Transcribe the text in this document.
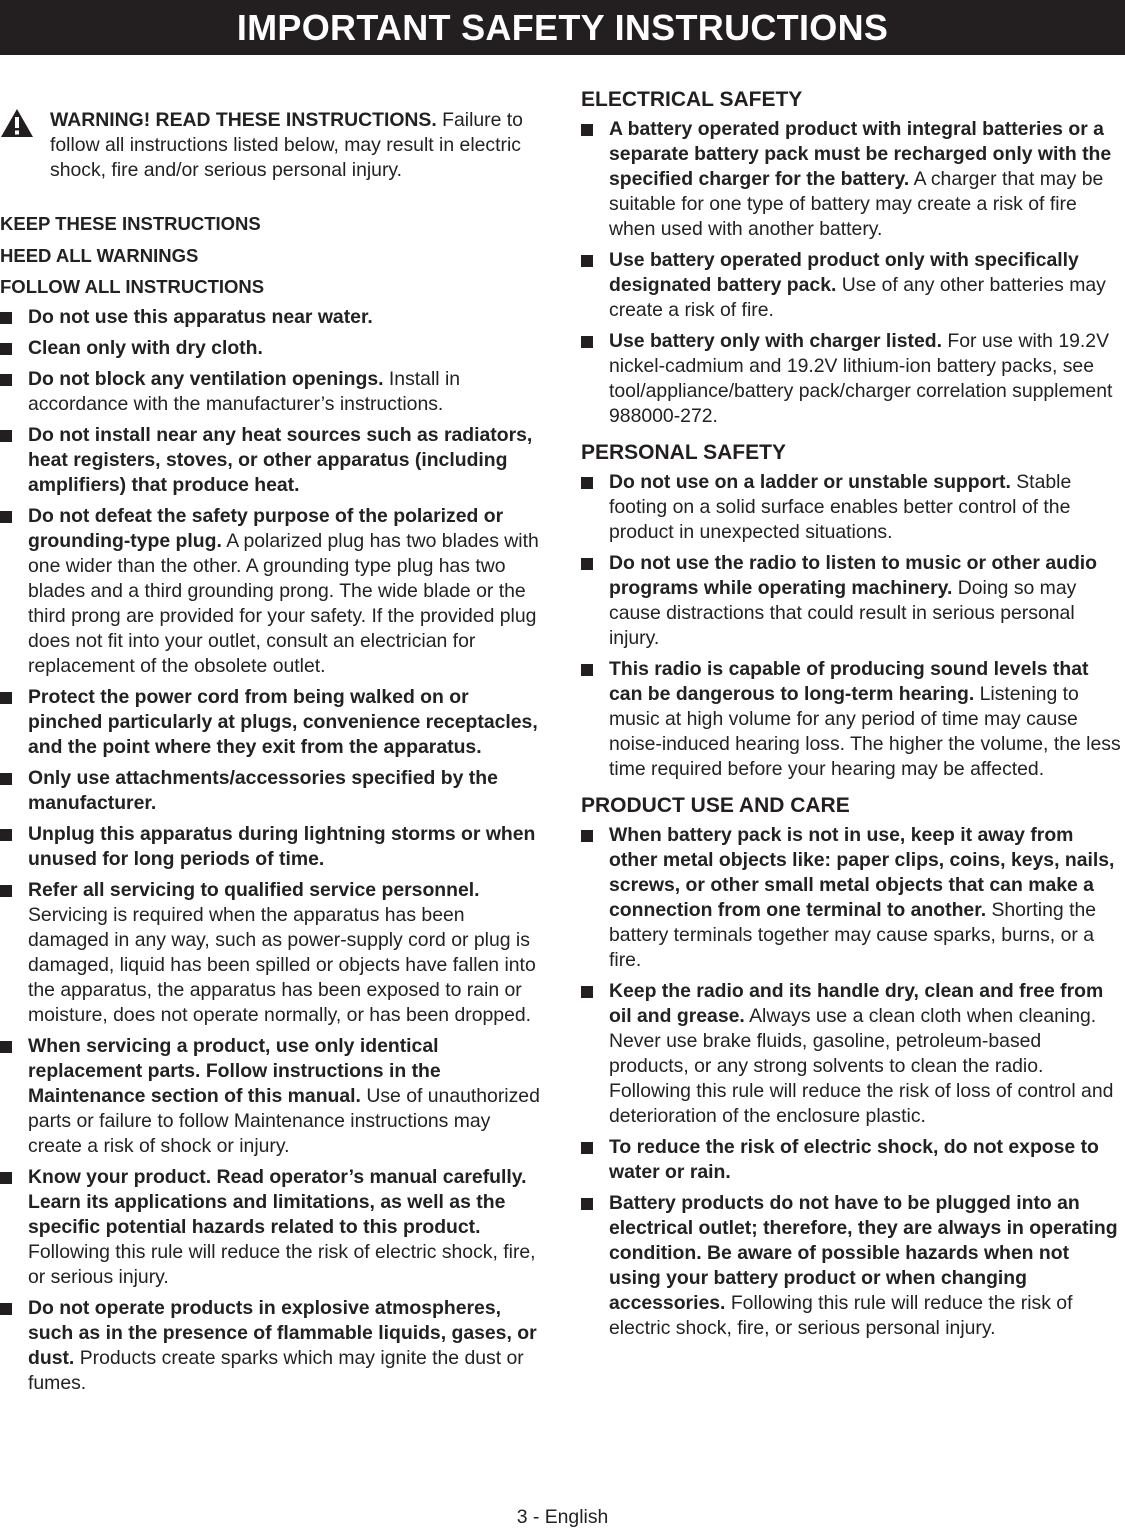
IMPORTANT SAFETY INSTRUCTIONS
WARNING! READ THESE INSTRUCTIONS. Failure to follow all instructions listed below, may result in electric shock, fire and/or serious personal injury.
KEEP THESE INSTRUCTIONS
HEED ALL WARNINGS
FOLLOW ALL INSTRUCTIONS
Do not use this apparatus near water.
Clean only with dry cloth.
Do not block any ventilation openings. Install in accordance with the manufacturer’s instructions.
Do not install near any heat sources such as radiators, heat registers, stoves, or other apparatus (including amplifiers) that produce heat.
Do not defeat the safety purpose of the polarized or grounding-type plug. A polarized plug has two blades with one wider than the other. A grounding type plug has two blades and a third grounding prong. The wide blade or the third prong are provided for your safety. If the provided plug does not fit into your outlet, consult an electrician for replacement of the obsolete outlet.
Protect the power cord from being walked on or pinched particularly at plugs, convenience receptacles, and the point where they exit from the apparatus.
Only use attachments/accessories specified by the manufacturer.
Unplug this apparatus during lightning storms or when unused for long periods of time.
Refer all servicing to qualified service personnel. Servicing is required when the apparatus has been damaged in any way, such as power-supply cord or plug is damaged, liquid has been spilled or objects have fallen into the apparatus, the apparatus has been exposed to rain or moisture, does not operate normally, or has been dropped.
When servicing a product, use only identical replacement parts. Follow instructions in the Maintenance section of this manual. Use of unauthorized parts or failure to follow Maintenance instructions may create a risk of shock or injury.
Know your product. Read operator’s manual carefully. Learn its applications and limitations, as well as the specific potential hazards related to this product. Following this rule will reduce the risk of electric shock, fire, or serious injury.
Do not operate products in explosive atmospheres, such as in the presence of flammable liquids, gases, or dust. Products create sparks which may ignite the dust or fumes.
ELECTRICAL SAFETY
A battery operated product with integral batteries or a separate battery pack must be recharged only with the specified charger for the battery. A charger that may be suitable for one type of battery may create a risk of fire when used with another battery.
Use battery operated product only with specifically designated battery pack. Use of any other batteries may create a risk of fire.
Use battery only with charger listed. For use with 19.2V nickel-cadmium and 19.2V lithium-ion battery packs, see tool/appliance/battery pack/charger correlation supplement 988000-272.
PERSONAL SAFETY
Do not use on a ladder or unstable support. Stable footing on a solid surface enables better control of the product in unexpected situations.
Do not use the radio to listen to music or other audio programs while operating machinery. Doing so may cause distractions that could result in serious personal injury.
This radio is capable of producing sound levels that can be dangerous to long-term hearing. Listening to music at high volume for any period of time may cause noise-induced hearing loss. The higher the volume, the less time required before your hearing may be affected.
PRODUCT USE AND CARE
When battery pack is not in use, keep it away from other metal objects like: paper clips, coins, keys, nails, screws, or other small metal objects that can make a connection from one terminal to another. Shorting the battery terminals together may cause sparks, burns, or a fire.
Keep the radio and its handle dry, clean and free from oil and grease. Always use a clean cloth when cleaning. Never use brake fluids, gasoline, petroleum-based products, or any strong solvents to clean the radio. Following this rule will reduce the risk of loss of control and deterioration of the enclosure plastic.
To reduce the risk of electric shock, do not expose to water or rain.
Battery products do not have to be plugged into an electrical outlet; therefore, they are always in operating condition. Be aware of possible hazards when not using your battery product or when changing accessories. Following this rule will reduce the risk of electric shock, fire, or serious personal injury.
3 - English
